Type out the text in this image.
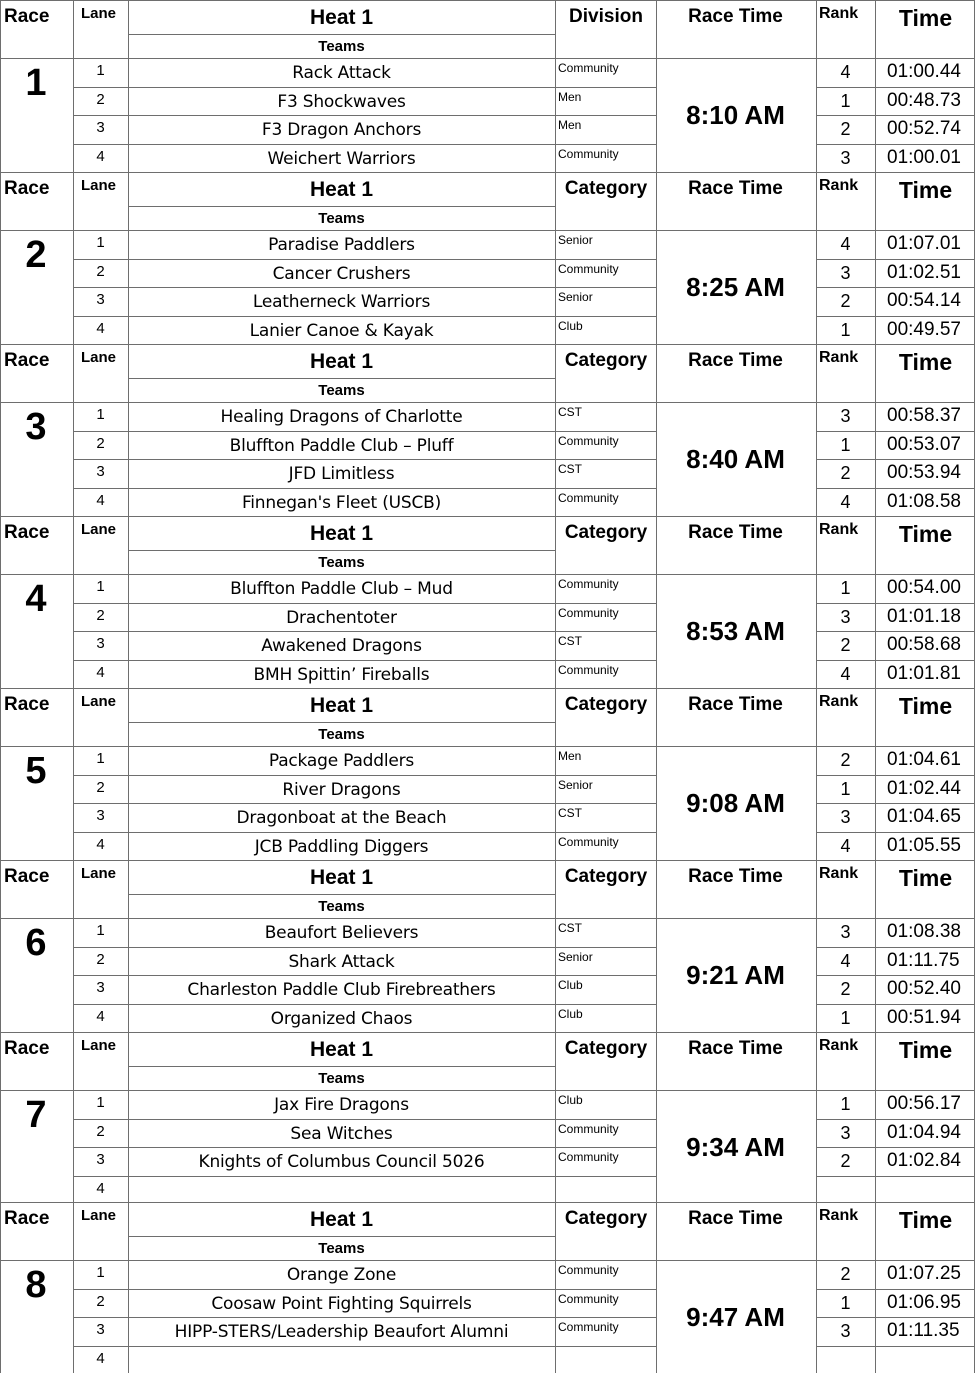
Race Lane	Heat 1
Teams
Division	Race Time	Rank	Time
1
8:10 AM
1	Rack Attack	Community	4	01:00.44
2	F3 Shockwaves	Men	1	00:48.73
3	F3 Dragon Anchors	Men	2	00:52.74
4	Weichert Warriors	Community	3	01:00.01
Race Lane	Heat 1
Teams
Category	Race Time	Rank	Time
2
8:25 AM
1	Paradise Paddlers	Senior	4	01:07.01
2	Cancer Crushers	Community	3	01:02.51
3	Leatherneck Warriors	Senior	2	00:54.14
4	Lanier Canoe & Kayak	Club	1	00:49.57
Race Lane	Heat 1
Teams
Category	Race Time	Rank	Time
3
8:40 AM
1	Healing Dragons of Charlotte	CST	3	00:58.37
2	Bluffton Paddle Club – Pluff	Community	1	00:53.07
3	JFD Limitless	CST	2	00:53.94
4	Finnegan's Fleet (USCB)	Community	4	01:08.58
Race Lane	Heat 1
Teams
Category	Race Time	Rank	Time
4
8:53 AM
1	Bluffton Paddle Club – Mud	Community	1	00:54.00
2	Drachentoter	Community	3	01:01.18
3	Awakened Dragons	CST	2	00:58.68
4	BMH Spittin’ Fireballs	Community	4	01:01.81
Race Lane	Heat 1
Teams
Category	Race Time	Rank	Time
5
9:08 AM
1	Package Paddlers	Men	2	01:04.61
2	River Dragons	Senior	1	01:02.44
3	Dragonboat at the Beach	CST	3	01:04.65
4	JCB Paddling Diggers	Community	4	01:05.55
Race Lane	Heat 1
Teams
Category	Race Time	Rank	Time
6
9:21 AM
1	Beaufort Believers	CST	3	01:08.38
2	Shark Attack	Senior	4	01:11.75
3	Charleston Paddle Club Firebreathers	Club	2	00:52.40
4	Organized Chaos	Club	1	00:51.94
Race Lane	Heat 1
Teams
Category	Race Time	Rank	Time
7
9:34 AM
1	Jax Fire Dragons	Club	1	00:56.17
2	Sea Witches	Community	3	01:04.94
3	Knights of Columbus Council 5026	Community	2	01:02.84
4
Race Lane	Heat 1
Teams
Category	Race Time	Rank	Time
8
9:47 AM
1	Orange Zone	Community	2	01:07.25
2	Coosaw Point Fighting Squirrels	Community	1	01:06.95
3	HIPP-STERS/Leadership Beaufort Alumni	Community	3	01:11.35
4
